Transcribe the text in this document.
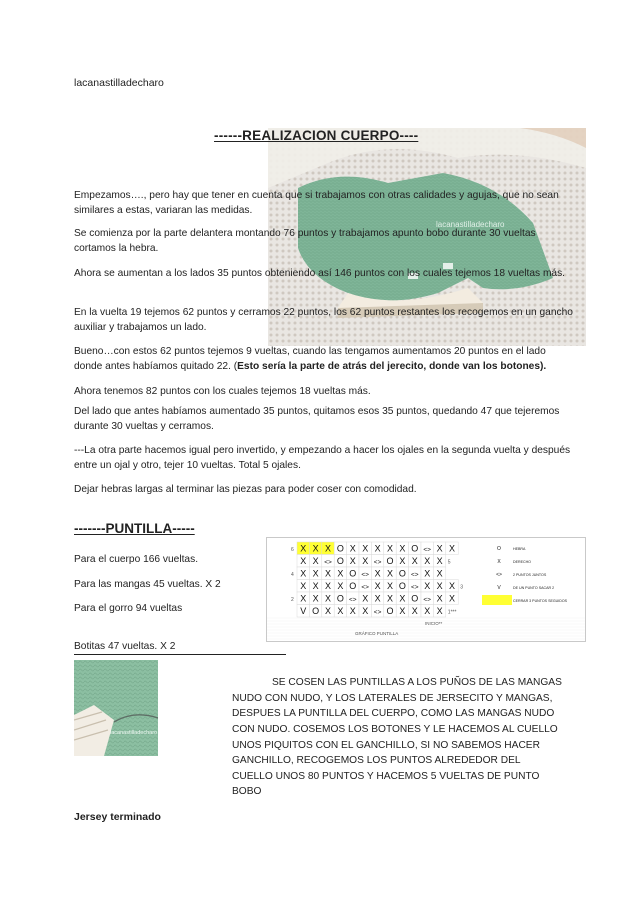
lacanastilladecharo
lacanastilladecharo
------REALIZACION CUERPO----

Empezamos…., pero hay que tener en cuenta que si trabajamos con otras calidades y agujas, que no sean similares a estas, variaran las medidas.

Se comienza por la parte delantera montando 76 puntos y trabajamos apunto bobo durante 30 vueltas cortamos la hebra.

Ahora se aumentan a los lados 35 puntos obteniendo así 146 puntos con los cuales tejemos 18 vueltas más.

En la vuelta 19 tejemos 62 puntos y cerramos 22 puntos, los 62 puntos restantes los recogemos en un gancho auxiliar y trabajamos un lado.

Bueno…con estos 62 puntos tejemos 9 vueltas, cuando las tengamos aumentamos 20 puntos en el lado donde antes habíamos quitado 22. (Esto sería la parte de atrás del jerecito, donde van los botones).

Ahora tenemos 82 puntos con los cuales tejemos 18 vueltas más.

Del lado que antes habíamos aumentado 35 puntos, quitamos esos 35 puntos, quedando 47 que tejeremos durante 30 vueltas y cerramos.

---La otra parte hacemos igual pero invertido, y empezando a hacer los ojales en la segunda vuelta y después entre un ojal y otro, tejer 10 vueltas. Total 5 ojales.

Dejar hebras largas al terminar las piezas para poder coser con comodidad.

-------PUNTILLA-----
Para el cuerpo 166 vueltas.
Para las mangas 45 vueltas. X 2
Para el gorro 94 vueltas
Botitas 47 vueltas. X 2
6 X X X O X X X X X O <> X X
X X <> O X X <> O X X X X 5
4 X X X X O <> X X O <> X X
X X X X O <> X X O <> X X X 3
2 X X X O <> X X X X O <> X X
V O X X X X <> O X X X X 1***
INICIO**
GRÁFICO PUNTILLA
O	HEBRA
X	DERECHO
<>	2 PUNTOS JUNTOS
V	DE UN PUNTO SACAR 2
CERRAR 3 PUNTOS SEGUIDOS
lacanastilladecharo

SE COSEN LAS PUNTILLAS A LOS PUÑOS DE LAS MANGAS NUDO CON NUDO, Y LOS LATERALES DE JERSECITO Y MANGAS, DESPUES LA PUNTILLA DEL CUERPO, COMO LAS MANGAS NUDO CON NUDO. COSEMOS LOS BOTONES Y LE HACEMOS AL CUELLO UNOS PIQUITOS CON EL GANCHILLO, SI NO SABEMOS HACER GANCHILLO, RECOGEMOS LOS PUNTOS ALREDEDOR DEL CUELLO UNOS 80 PUNTOS Y HACEMOS 5 VUELTAS DE PUNTO BOBO

Jersey terminado
